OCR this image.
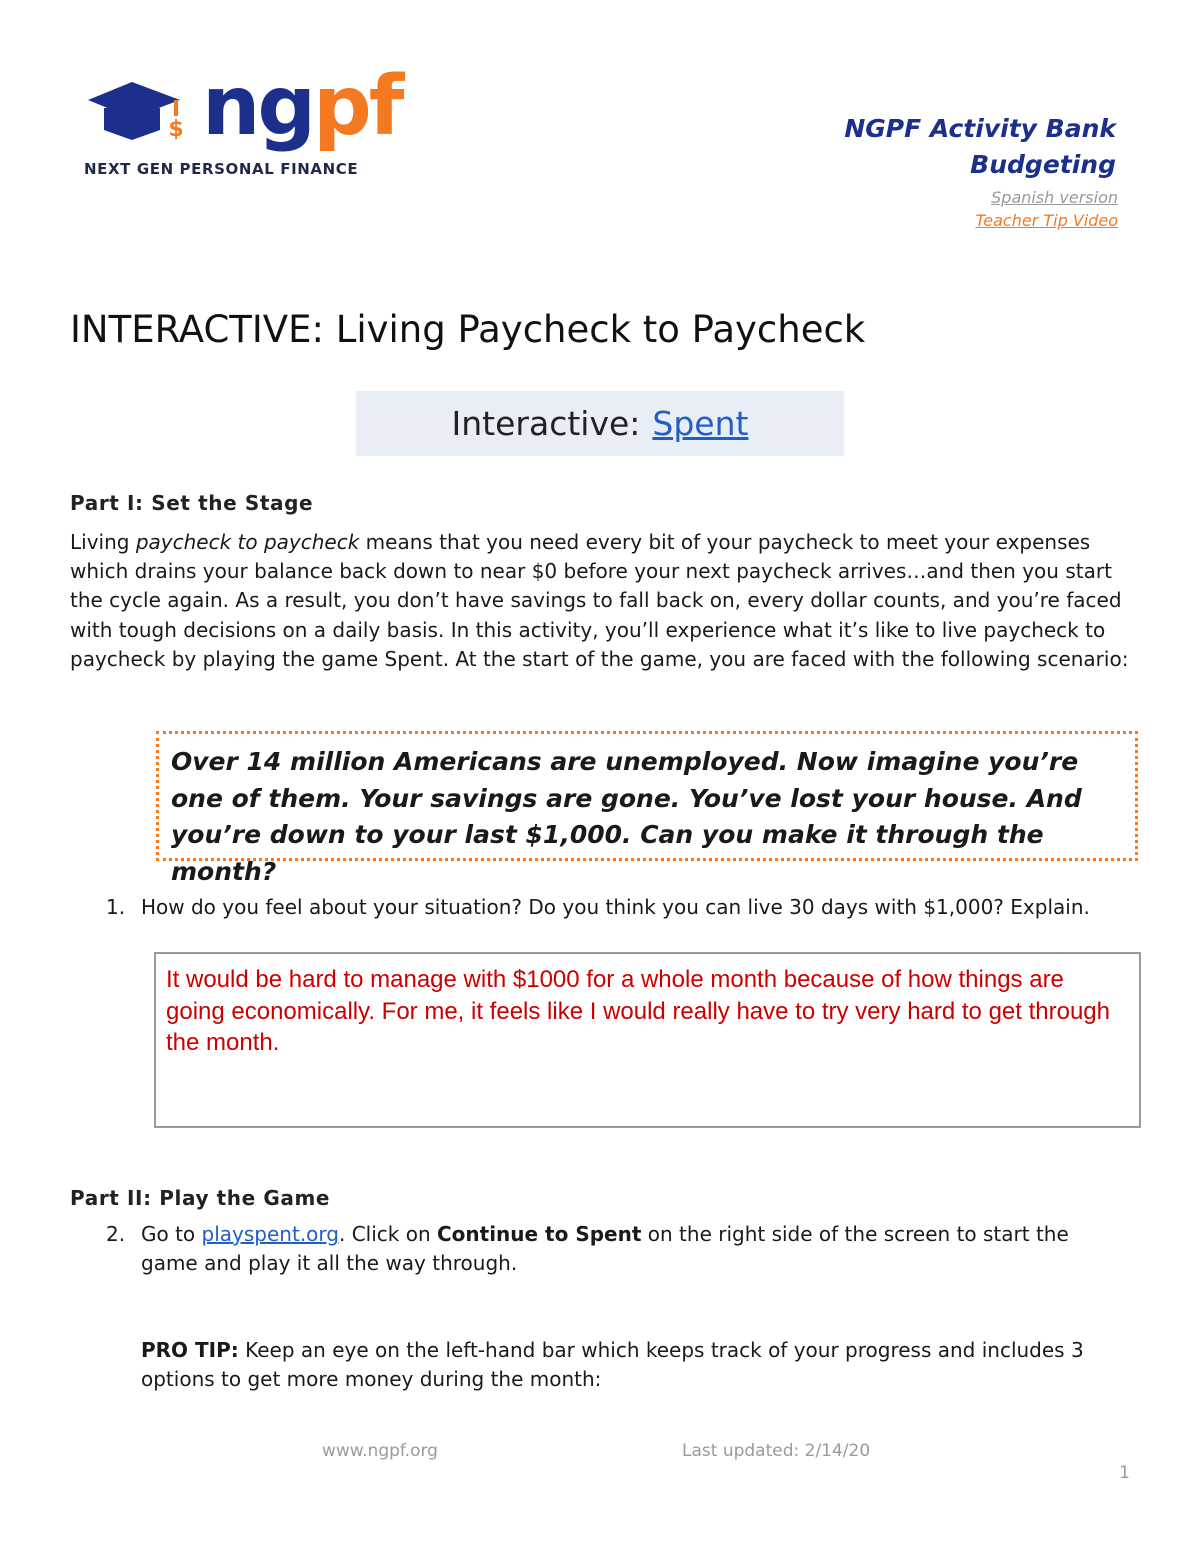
$ ngpf
NEXT GEN PERSONAL FINANCE
NGPF Activity Bank
Budgeting
Spanish version
Teacher Tip Video
INTERACTIVE: Living Paycheck to Paycheck
Interactive: Spent
Part I: Set the Stage

Living paycheck to paycheck means that you need every bit of your paycheck to meet your expenses which drains your balance back down to near $0 before your next paycheck arrives…and then you start the cycle again. As a result, you don’t have savings to fall back on, every dollar counts, and you’re faced with tough decisions on a daily basis. In this activity, you’ll experience what it’s like to live paycheck to paycheck by playing the game Spent. At the start of the game, you are faced with the following scenario:

Over 14 million Americans are unemployed. Now imagine you’re one of them. Your savings are gone. You’ve lost your house. And you’re down to your last $1,000. Can you make it through the month?
1. How do you feel about your situation? Do you think you can live 30 days with $1,000? Explain.
It would be hard to manage with $1000 for a whole month because of how things are going economically. For me, it feels like I would really have to try very hard to get through the month.
Part II: Play the Game
2. Go to playspent.org. Click on Continue to Spent on the right side of the screen to start the game and play it all the way through.
PRO TIP: Keep an eye on the left-hand bar which keeps track of your progress and includes 3 options to get more money during the month:
www.ngpf.org	Last updated: 2/14/20
1
